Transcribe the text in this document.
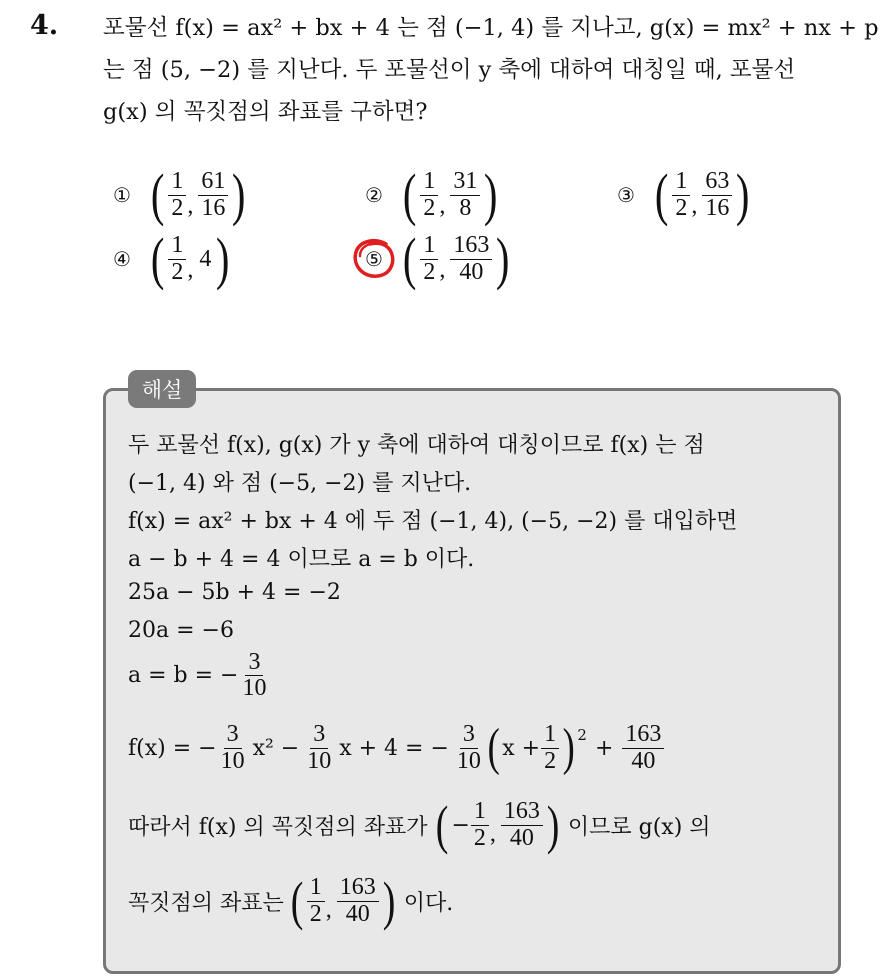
4. 포물선 f(x) = ax² + bx + 4 는 점 (−1, 4) 를 지나고, g(x) = mx² + nx + p
는 점 (5, −2) 를 지난다. 두 포물선이 y 축에 대하여 대칭일 때, 포물선
g(x) 의 꼭짓점의 좌표를 구하면?
① ( $\frac{1}{2}$ , $\frac{61}{16}$ )	② ( $\frac{1}{2}$ , $\frac{31}{8}$ )	③ ( $\frac{1}{2}$ , $\frac{63}{16}$ )
④ ( $\frac{1}{2}$ , 4 )	⑤ ( $\frac{1}{2}$ , $\frac{163}{40}$ )
해설
두 포물선 f(x), g(x) 가 y 축에 대하여 대칭이므로 f(x) 는 점
(−1, 4) 와 점 (−5, −2) 를 지난다.
f(x) = ax² + bx + 4 에 두 점 (−1, 4), (−5, −2) 를 대입하면
a − b + 4 = 4 이므로 a = b 이다.
25a − 5b + 4 = −2
20a = −6
a = b = − $\frac{3}{10}$
f(x) = − $\frac{3}{10} x^2 - \frac{3}{10}$ x + 4 = − $\frac{3}{10}$ ( $x + \frac{1}{2} )^2$
+ $\frac{163}{40}$
따라서 f(x) 의 꼭짓점의 좌표가 ( − $\frac{1}{2}$ , $\frac{163}{40}$ ) 이므로 g(x) 의
꼭짓점의 좌표는 ( $\frac{1}{2}$ , $\frac{163}{40}$ ) 이다.
